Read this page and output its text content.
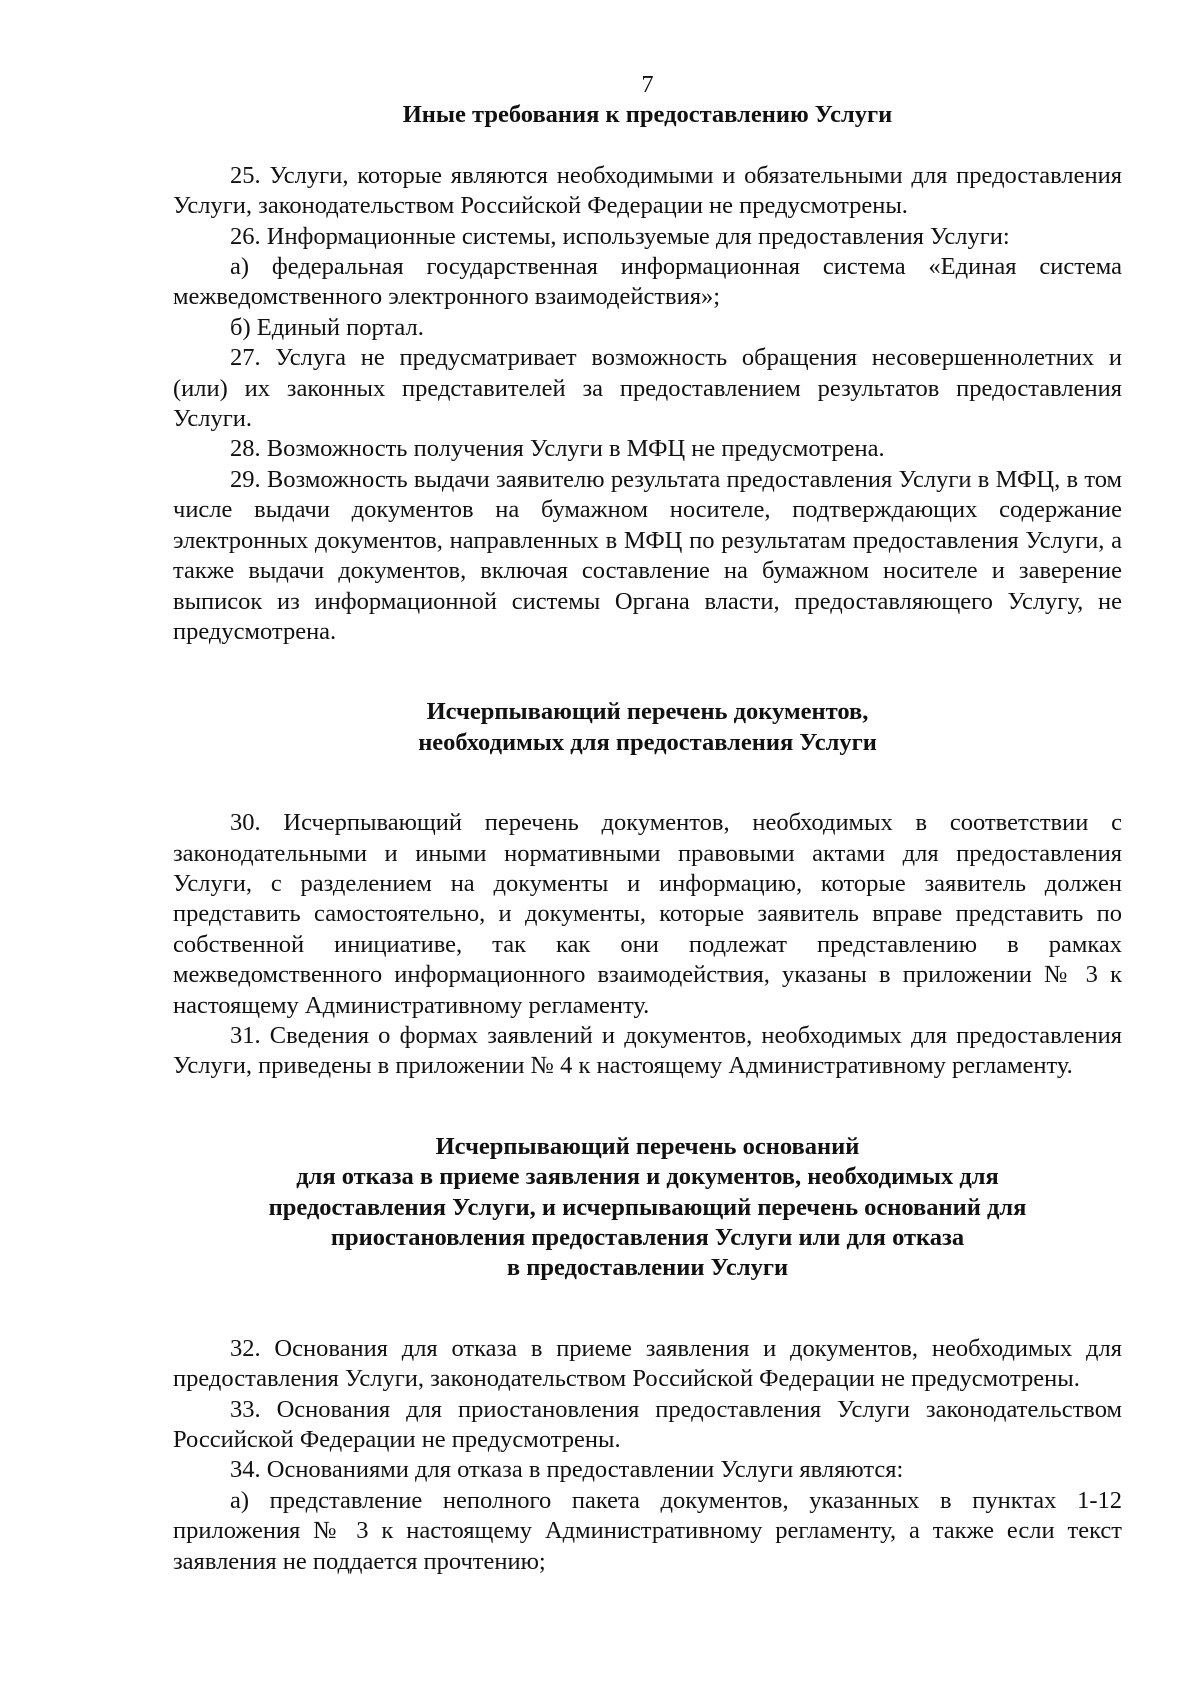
7

Иные требования к предоставлению Услуги

25. Услуги, которые являются необходимыми и обязательными для предоставления Услуги, законодательством Российской Федерации не предусмотрены.

26. Информационные системы, используемые для предоставления Услуги:

а) федеральная государственная информационная система «Единая система межведомственного электронного взаимодействия»;

б) Единый портал.

27. Услуга не предусматривает возможность обращения несовершеннолетних и (или) их законных представителей за предоставлением результатов предоставления Услуги.

28. Возможность получения Услуги в МФЦ не предусмотрена.

29. Возможность выдачи заявителю результата предоставления Услуги в МФЦ, в том числе выдачи документов на бумажном носителе, подтверждающих содержание электронных документов, направленных в МФЦ по результатам предоставления Услуги, а также выдачи документов, включая составление на бумажном носителе и заверение выписок из информационной системы Органа власти, предоставляющего Услугу, не предусмотрена.

Исчерпывающий перечень документов,

необходимых для предоставления Услуги

30. Исчерпывающий перечень документов, необходимых в соответствии с законодательными и иными нормативными правовыми актами для предоставления Услуги, с разделением на документы и информацию, которые заявитель должен представить самостоятельно, и документы, которые заявитель вправе представить по собственной инициативе, так как они подлежат представлению в рамках межведомственного информационного взаимодействия, указаны в приложении № 3 к настоящему Административному регламенту.

31. Сведения о формах заявлений и документов, необходимых для предоставления Услуги, приведены в приложении № 4 к настоящему Административному регламенту.

Исчерпывающий перечень оснований

для отказа в приеме заявления и документов, необходимых для

предоставления Услуги, и исчерпывающий перечень оснований для

приостановления предоставления Услуги или для отказа

в предоставлении Услуги

32. Основания для отказа в приеме заявления и документов, необходимых для предоставления Услуги, законодательством Российской Федерации не предусмотрены.

33. Основания для приостановления предоставления Услуги законодательством Российской Федерации не предусмотрены.

34. Основаниями для отказа в предоставлении Услуги являются:

а) представление неполного пакета документов, указанных в пунктах 1-12 приложения № 3 к настоящему Административному регламенту, а также если текст заявления не поддается прочтению;
